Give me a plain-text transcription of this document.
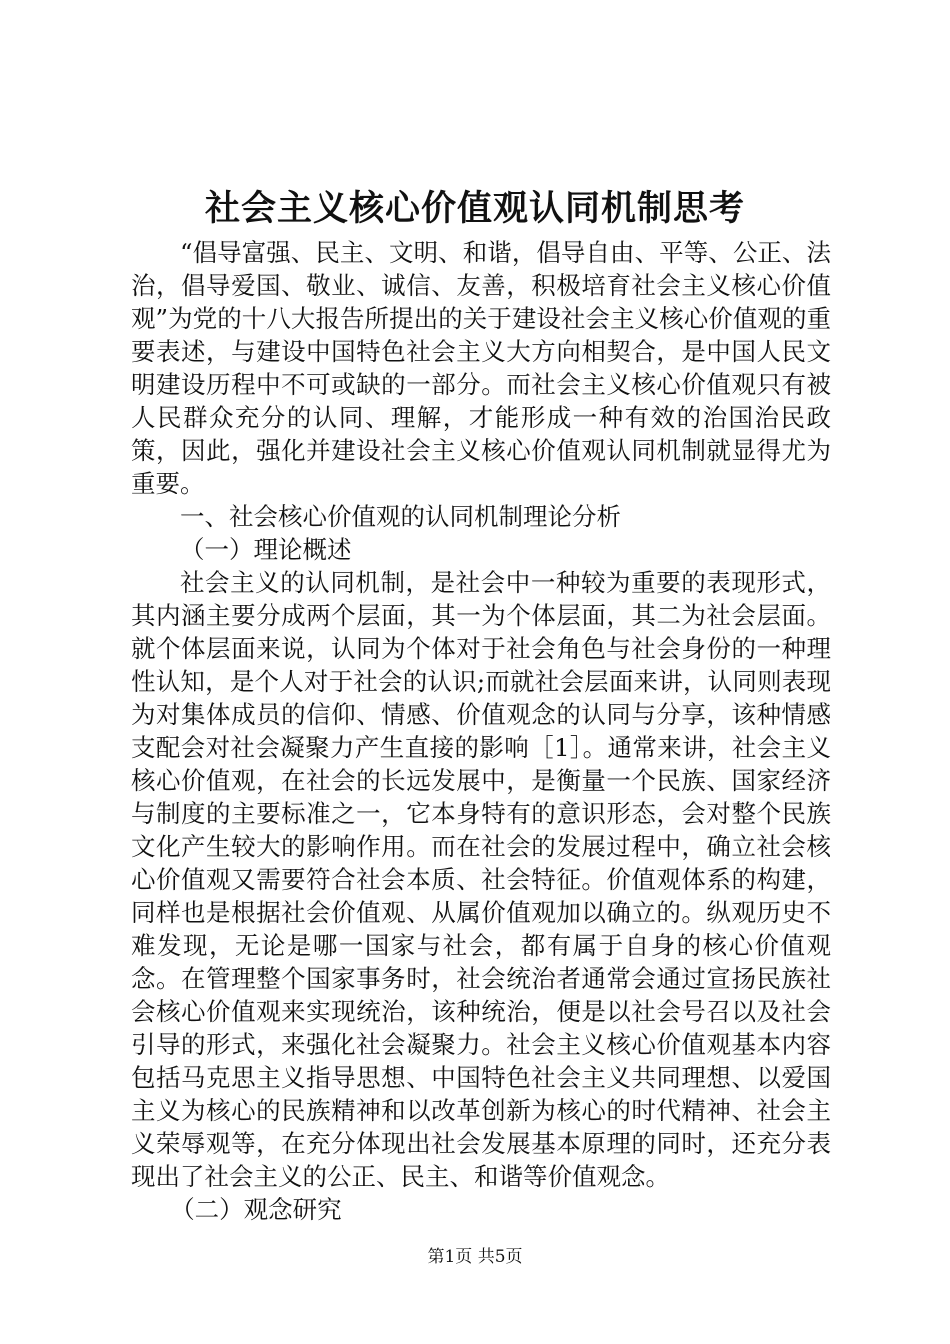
社会主义核心价值观认同机制思考

“倡导富强、民主、文明、和谐，倡导自由、平等、公正、法治，倡导爱国、敬业、诚信、友善，积极培育社会主义核心价值观”为党的十八大报告所提出的关于建设社会主义核心价值观的重要表述，与建设中国特色社会主义大方向相契合，是中国人民文明建设历程中不可或缺的一部分。而社会主义核心价值观只有被人民群众充分的认同、理解，才能形成一种有效的治国治民政策，因此，强化并建设社会主义核心价值观认同机制就显得尤为重要。

一、社会核心价值观的认同机制理论分析

（一）理论概述

社会主义的认同机制，是社会中一种较为重要的表现形式，其内涵主要分成两个层面，其一为个体层面，其二为社会层面。就个体层面来说，认同为个体对于社会角色与社会身份的一种理性认知，是个人对于社会的认识;而就社会层面来讲，认同则表现为对集体成员的信仰、情感、价值观念的认同与分享，该种情感支配会对社会凝聚力产生直接的影响［1］。通常来讲，社会主义核心价值观，在社会的长远发展中，是衡量一个民族、国家经济与制度的主要标准之一，它本身特有的意识形态，会对整个民族文化产生较大的影响作用。而在社会的发展过程中，确立社会核心价值观又需要符合社会本质、社会特征。价值观体系的构建，同样也是根据社会价值观、从属价值观加以确立的。纵观历史不难发现，无论是哪一国家与社会，都有属于自身的核心价值观念。在管理整个国家事务时，社会统治者通常会通过宣扬民族社会核心价值观来实现统治，该种统治，便是以社会号召以及社会引导的形式，来强化社会凝聚力。社会主义核心价值观基本内容包括马克思主义指导思想、中国特色社会主义共同理想、以爱国主义为核心的民族精神和以改革创新为核心的时代精神、社会主义荣辱观等，在充分体现出社会发展基本原理的同时，还充分表现出了社会主义的公正、民主、和谐等价值观念。

（二）观念研究

第1页 共5页
